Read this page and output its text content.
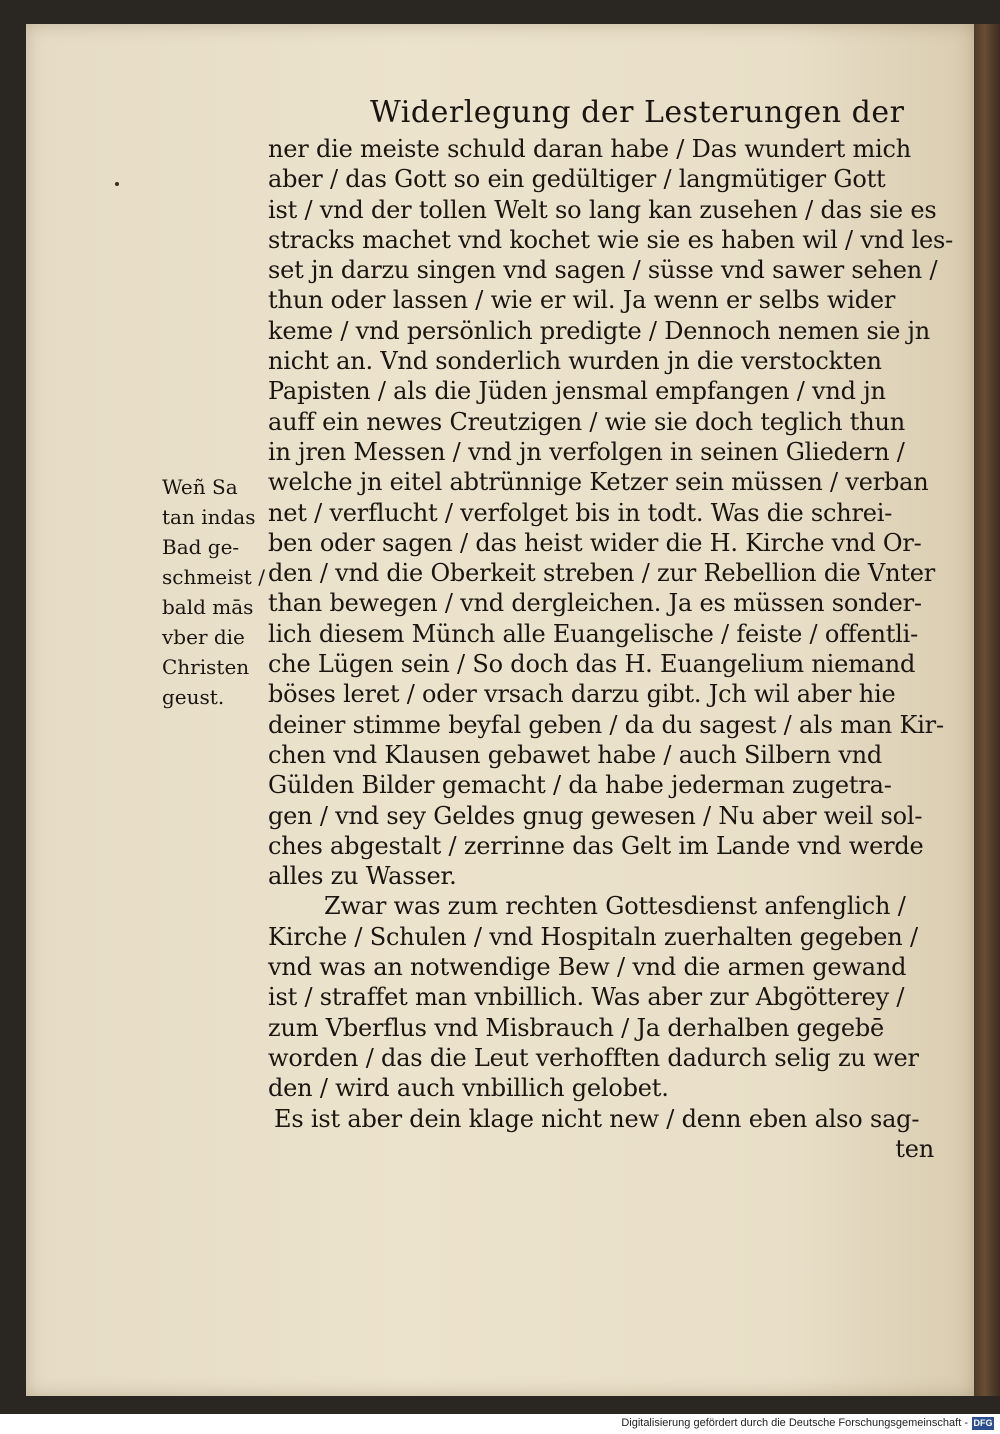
Widerlegung der Lesterungen der
Weñ Sa
tan indas
Bad ge-
schmeist /
bald mās
vber die
Christen
geust.
ner die meiste schuld daran habe / Das wundert mich
aber / das Gott so ein gedültiger / langmütiger Gott
ist / vnd der tollen Welt so lang kan zusehen / das sie es
stracks machet vnd kochet wie sie es haben wil / vnd les-
set jn darzu singen vnd sagen / süsse vnd sawer sehen /
thun oder lassen / wie er wil. Ja wenn er selbs wider
keme / vnd persönlich predigte / Dennoch nemen sie jn
nicht an. Vnd sonderlich wurden jn die verstockten
Papisten / als die Jüden jensmal empfangen / vnd jn
auff ein newes Creutzigen / wie sie doch teglich thun
in jren Messen / vnd jn verfolgen in seinen Gliedern /
welche jn eitel abtrünnige Ketzer sein müssen / verban
net / verflucht / verfolget bis in todt. Was die schrei-
ben oder sagen / das heist wider die H. Kirche vnd Or-
den / vnd die Oberkeit streben / zur Rebellion die Vnter
than bewegen / vnd dergleichen. Ja es müssen sonder-
lich diesem Münch alle Euangelische / feiste / offentli-
che Lügen sein / So doch das H. Euangelium niemand
böses leret / oder vrsach darzu gibt. Jch wil aber hie
deiner stimme beyfal geben / da du sagest / als man Kir-
chen vnd Klausen gebawet habe / auch Silbern vnd
Gülden Bilder gemacht / da habe jederman zugetra-
gen / vnd sey Geldes gnug gewesen / Nu aber weil sol-
ches abgestalt / zerrinne das Gelt im Lande vnd werde
alles zu Wasser.
Zwar was zum rechten Gottesdienst anfenglich /
Kirche / Schulen / vnd Hospitaln zuerhalten gegeben /
vnd was an notwendige Bew / vnd die armen gewand
ist / straffet man vnbillich. Was aber zur Abgötterey /
zum Vberflus vnd Misbrauch / Ja derhalben gegebē
worden / das die Leut verhofften dadurch selig zu wer
den / wird auch vnbillich gelobet.
Es ist aber dein klage nicht new / denn eben also sag-
ten
Digitalisierung gefördert durch die Deutsche Forschungsgemeinschaft - DFG
